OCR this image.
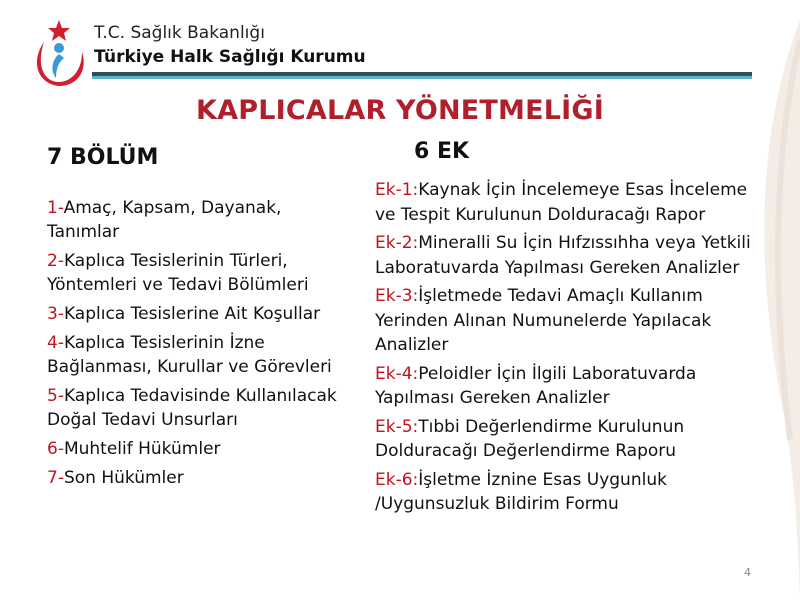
T.C. Sağlık Bakanlığı
Türkiye Halk Sağlığı Kurumu
KAPLICALAR YÖNETMELİĞİ
7 BÖLÜM	6 EK
1-Amaç, Kapsam, Dayanak, Tanımlar
2-Kaplıca Tesislerinin Türleri, Yöntemleri ve Tedavi Bölümleri
3-Kaplıca Tesislerine Ait Koşullar
4-Kaplıca Tesislerinin İzne Bağlanması, Kurullar ve Görevleri
5-Kaplıca Tedavisinde Kullanılacak Doğal Tedavi Unsurları
6-Muhtelif Hükümler
7-Son Hükümler
Ek-1:Kaynak İçin İncelemeye Esas İnceleme ve Tespit Kurulunun Dolduracağı Rapor
Ek-2:Mineralli Su İçin Hıfzıssıhha veya Yetkili Laboratuvarda Yapılması Gereken Analizler
Ek-3:İşletmede Tedavi Amaçlı Kullanım Yerinden Alınan Numunelerde Yapılacak Analizler
Ek-4:Peloidler İçin İlgili Laboratuvarda Yapılması Gereken Analizler
Ek-5:Tıbbi Değerlendirme Kurulunun Dolduracağı Değerlendirme Raporu
Ek-6:İşletme İznine Esas Uygunluk /Uygunsuzluk Bildirim Formu
4
